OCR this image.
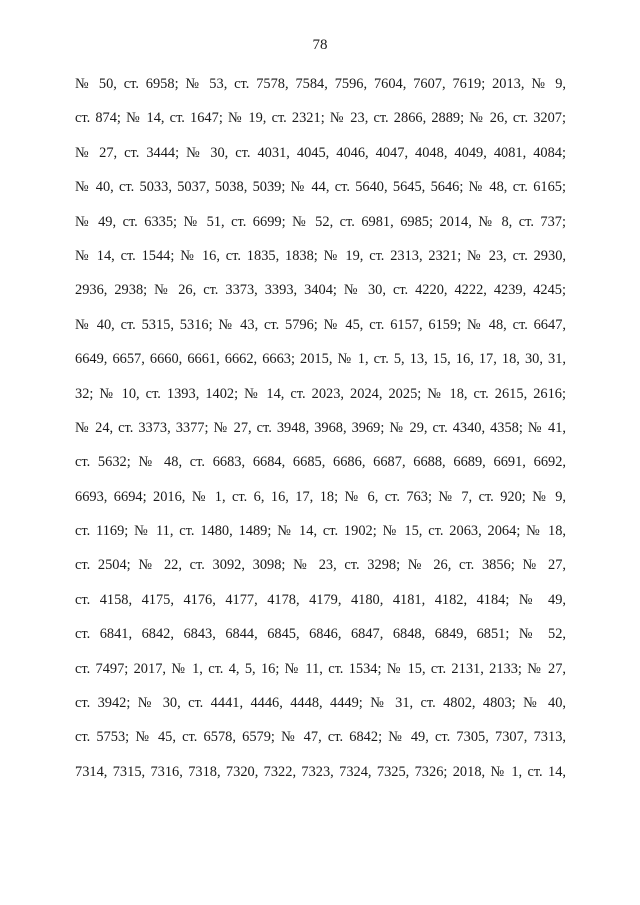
78
№ 50, ст. 6958; № 53, ст. 7578, 7584, 7596, 7604, 7607, 7619; 2013, № 9,
ст. 874; № 14, ст. 1647; № 19, ст. 2321; № 23, ст. 2866, 2889; № 26, ст. 3207;
№ 27, ст. 3444; № 30, ст. 4031, 4045, 4046, 4047, 4048, 4049, 4081, 4084;
№ 40, ст. 5033, 5037, 5038, 5039; № 44, ст. 5640, 5645, 5646; № 48, ст. 6165;
№ 49, ст. 6335; № 51, ст. 6699; № 52, ст. 6981, 6985; 2014, № 8, ст. 737;
№ 14, ст. 1544; № 16, ст. 1835, 1838; № 19, ст. 2313, 2321; № 23, ст. 2930,
2936, 2938; № 26, ст. 3373, 3393, 3404; № 30, ст. 4220, 4222, 4239, 4245;
№ 40, ст. 5315, 5316; № 43, ст. 5796; № 45, ст. 6157, 6159; № 48, ст. 6647,
6649, 6657, 6660, 6661, 6662, 6663; 2015, № 1, ст. 5, 13, 15, 16, 17, 18, 30, 31,
32; № 10, ст. 1393, 1402; № 14, ст. 2023, 2024, 2025; № 18, ст. 2615, 2616;
№ 24, ст. 3373, 3377; № 27, ст. 3948, 3968, 3969; № 29, ст. 4340, 4358; № 41,
ст. 5632; № 48, ст. 6683, 6684, 6685, 6686, 6687, 6688, 6689, 6691, 6692,
6693, 6694; 2016, № 1, ст. 6, 16, 17, 18; № 6, ст. 763; № 7, ст. 920; № 9,
ст. 1169; № 11, ст. 1480, 1489; № 14, ст. 1902; № 15, ст. 2063, 2064; № 18,
ст. 2504; № 22, ст. 3092, 3098; № 23, ст. 3298; № 26, ст. 3856; № 27,
ст. 4158, 4175, 4176, 4177, 4178, 4179, 4180, 4181, 4182, 4184; № 49,
ст. 6841, 6842, 6843, 6844, 6845, 6846, 6847, 6848, 6849, 6851; № 52,
ст. 7497; 2017, № 1, ст. 4, 5, 16; № 11, ст. 1534; № 15, ст. 2131, 2133; № 27,
ст. 3942; № 30, ст. 4441, 4446, 4448, 4449; № 31, ст. 4802, 4803; № 40,
ст. 5753; № 45, ст. 6578, 6579; № 47, ст. 6842; № 49, ст. 7305, 7307, 7313,
7314, 7315, 7316, 7318, 7320, 7322, 7323, 7324, 7325, 7326; 2018, № 1, ст. 14,
